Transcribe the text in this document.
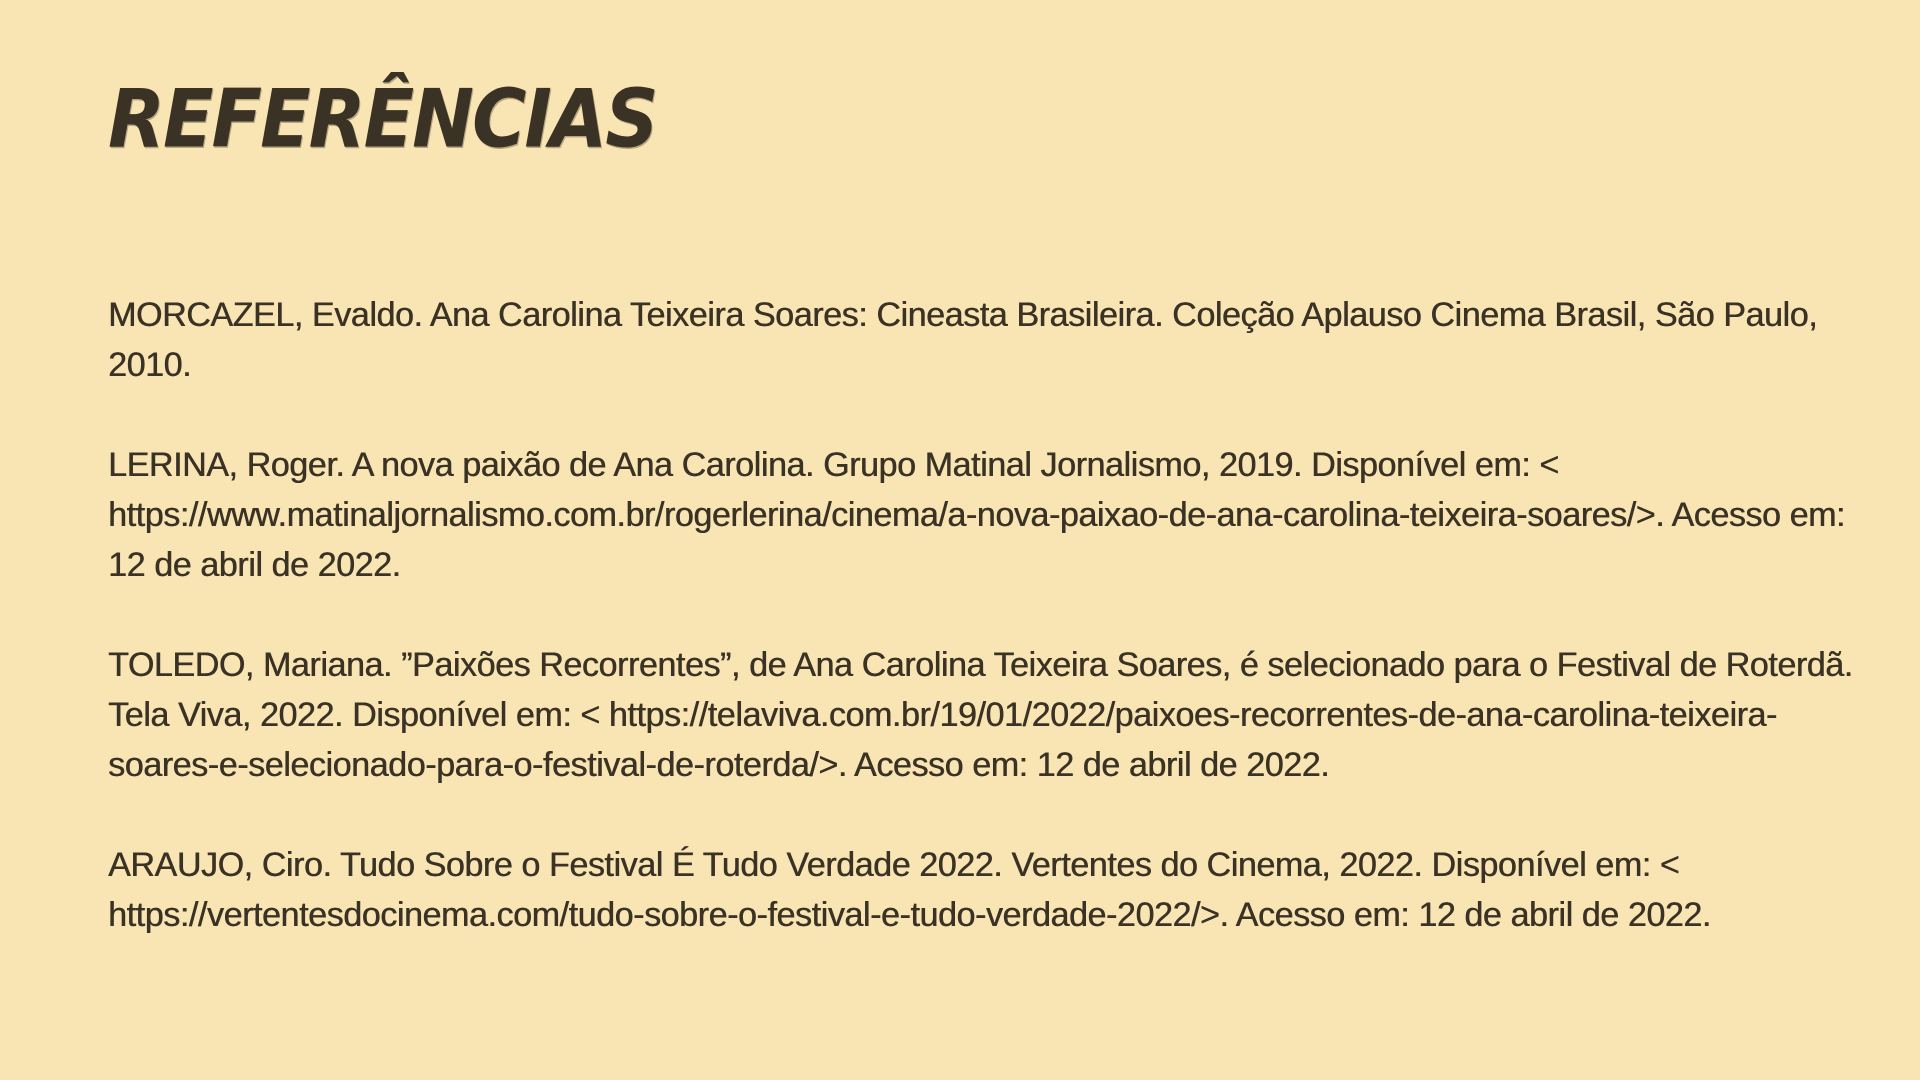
REFERÊNCIAS

MORCAZEL, Evaldo. Ana Carolina Teixeira Soares: Cineasta Brasileira. Coleção Aplauso Cinema Brasil, São Paulo, 2010.

LERINA, Roger. A nova paixão de Ana Carolina. Grupo Matinal Jornalismo, 2019. Disponível em: < https://www.matinaljornalismo.com.br/rogerlerina/cinema/a-nova-paixao-de-ana-carolina-teixeira-soares/>. Acesso em: 12 de abril de 2022.

TOLEDO, Mariana. ”Paixões Recorrentes”, de Ana Carolina Teixeira Soares, é selecionado para o Festival de Roterdã. Tela Viva, 2022. Disponível em: < https://telaviva.com.br/19/01/2022/paixoes-recorrentes-de-ana-carolina-teixeira-soares-e-selecionado-para-o-festival-de-roterda/>. Acesso em: 12 de abril de 2022.

ARAUJO, Ciro. Tudo Sobre o Festival É Tudo Verdade 2022. Vertentes do Cinema, 2022. Disponível em: < https://vertentesdocinema.com/tudo-sobre-o-festival-e-tudo-verdade-2022/>. Acesso em: 12 de abril de 2022.
